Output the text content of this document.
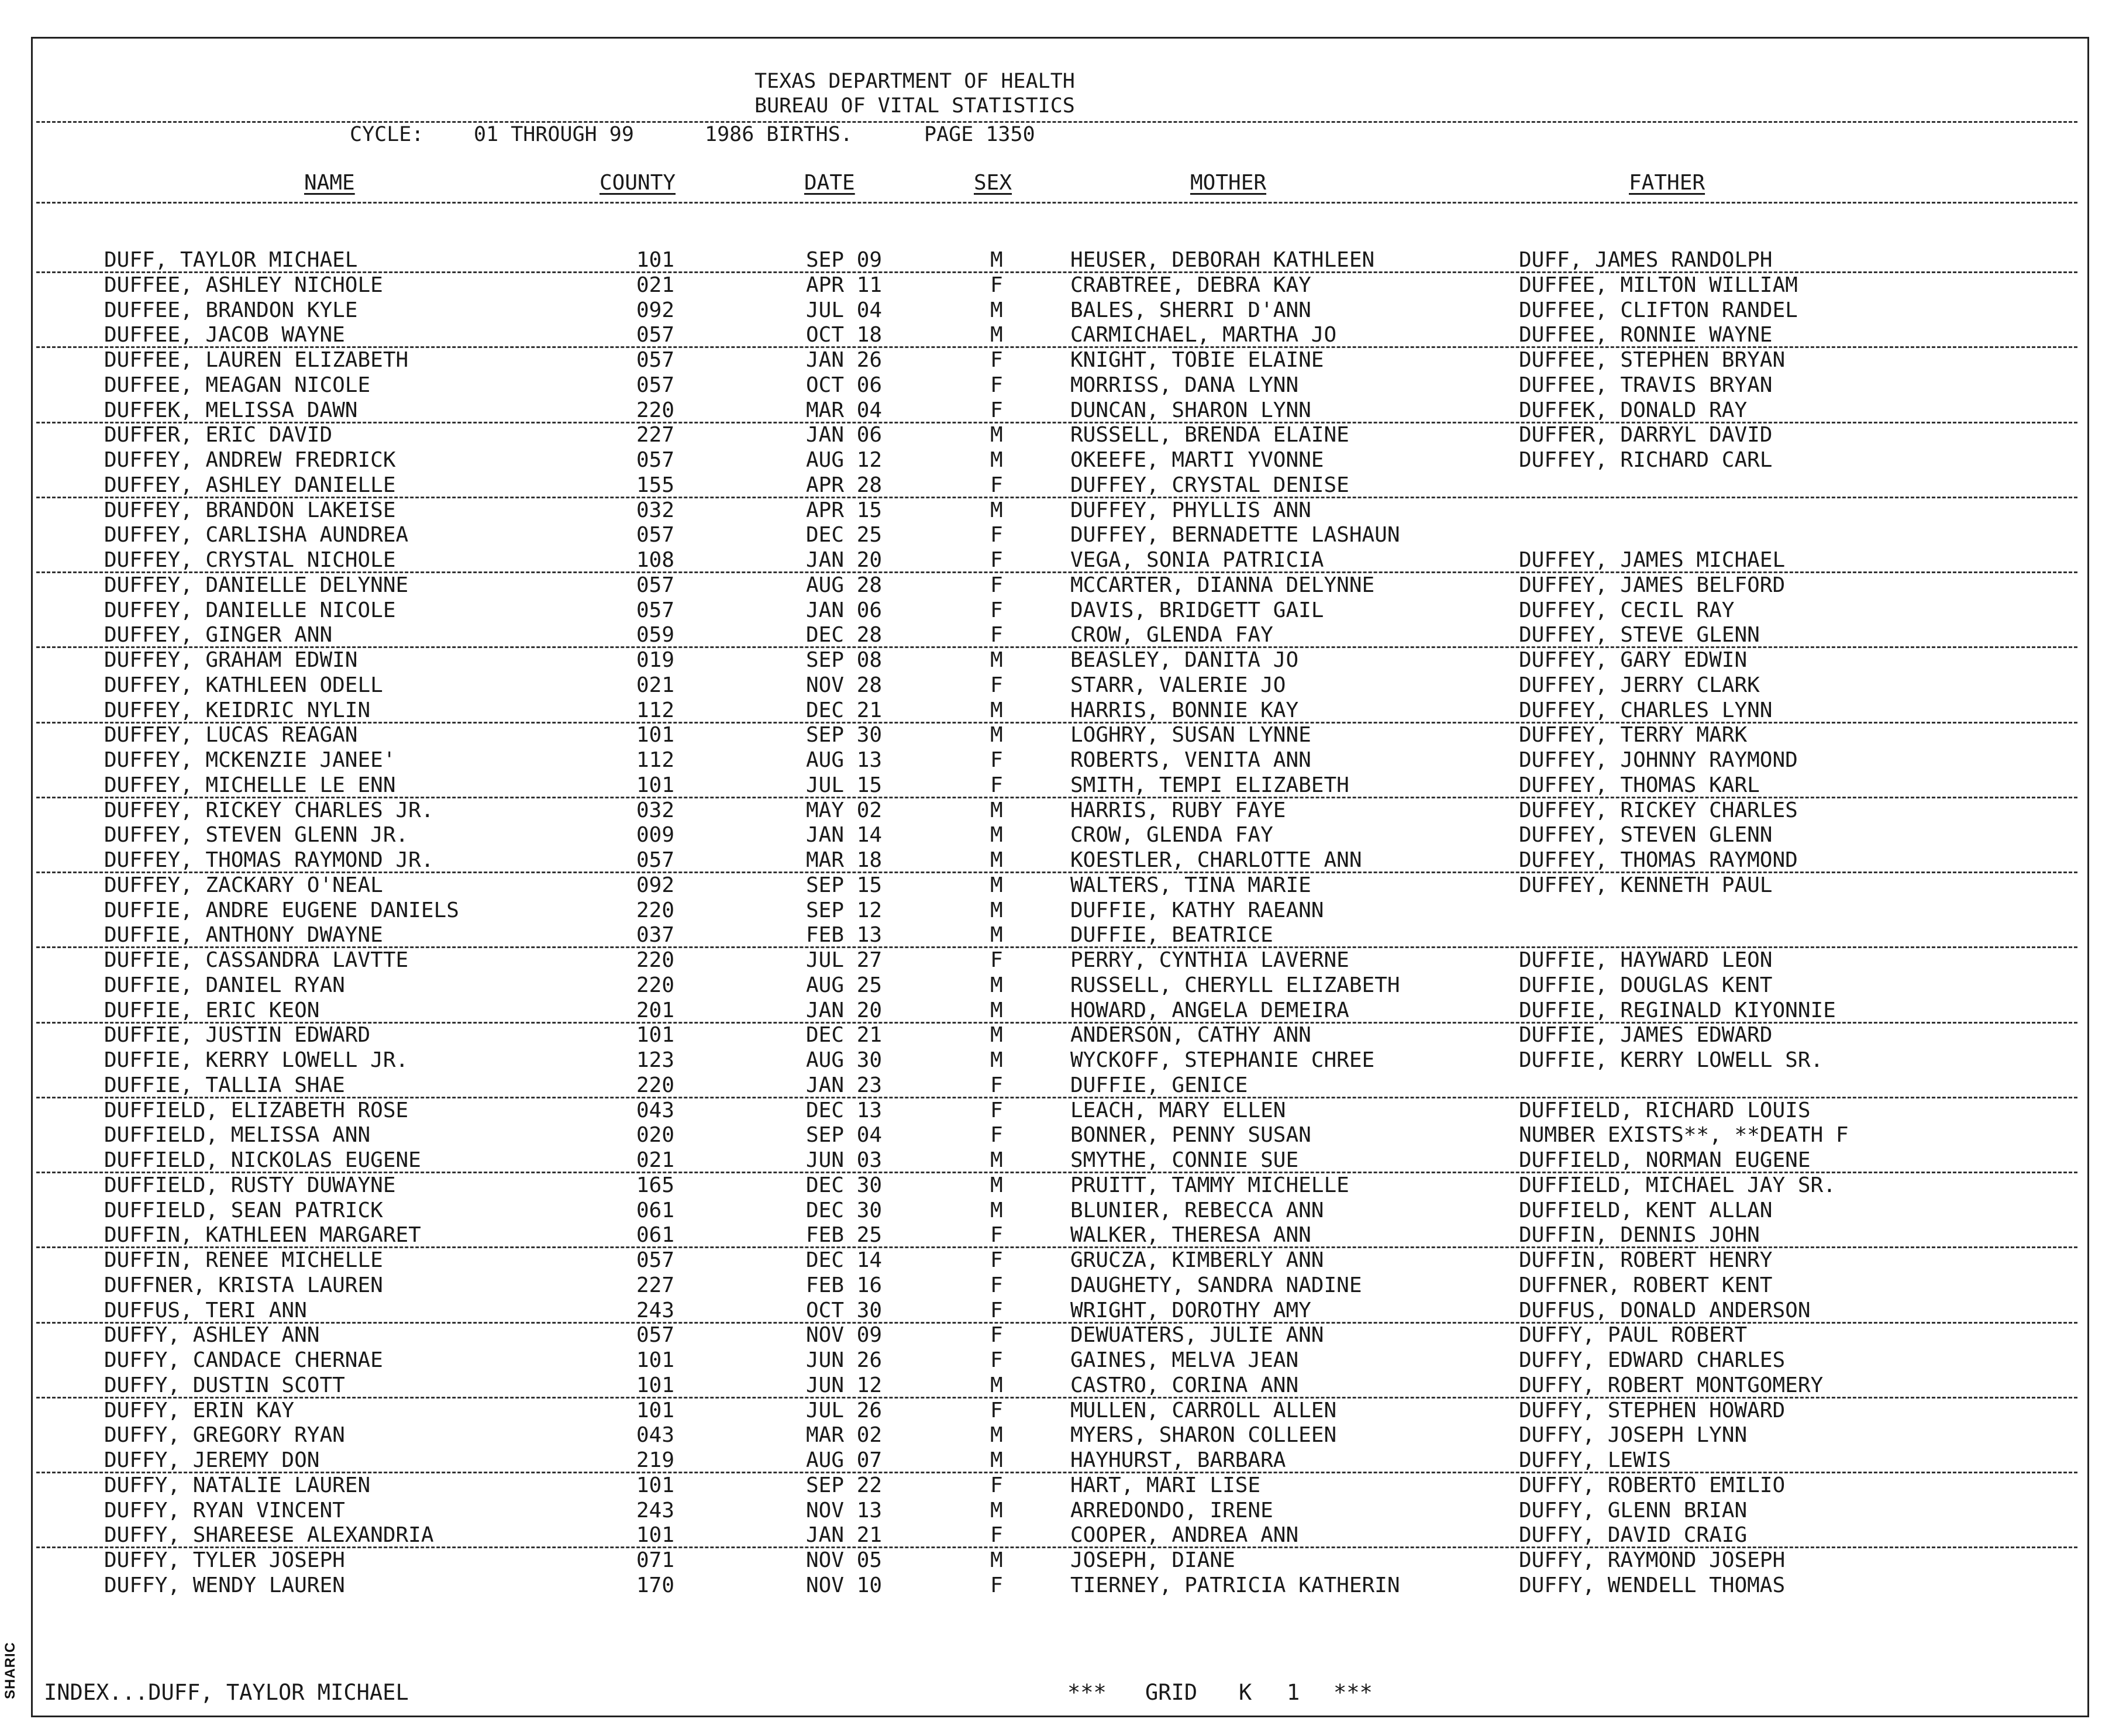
SHARIC
TEXAS DEPARTMENT OF HEALTH
BUREAU OF VITAL STATISTICS
CYCLE: 01 THROUGH 99	1986 BIRTHS.	PAGE 1350
NAME	COUNTY	DATE	SEX	MOTHER	FATHER
DUFF, TAYLOR MICHAEL	101	SEP 09	M	HEUSER, DEBORAH KATHLEEN	DUFF, JAMES RANDOLPH
DUFFEE, ASHLEY NICHOLE	021	APR 11	F	CRABTREE, DEBRA KAY	DUFFEE, MILTON WILLIAM
DUFFEE, BRANDON KYLE	092	JUL 04	M	BALES, SHERRI D'ANN	DUFFEE, CLIFTON RANDEL
DUFFEE, JACOB WAYNE	057	OCT 18	M	CARMICHAEL, MARTHA JO	DUFFEE, RONNIE WAYNE
DUFFEE, LAUREN ELIZABETH	057	JAN 26	F	KNIGHT, TOBIE ELAINE	DUFFEE, STEPHEN BRYAN
DUFFEE, MEAGAN NICOLE	057	OCT 06	F	MORRISS, DANA LYNN	DUFFEE, TRAVIS BRYAN
DUFFEK, MELISSA DAWN	220	MAR 04	F	DUNCAN, SHARON LYNN	DUFFEK, DONALD RAY
DUFFER, ERIC DAVID	227	JAN 06	M	RUSSELL, BRENDA ELAINE	DUFFER, DARRYL DAVID
DUFFEY, ANDREW FREDRICK	057	AUG 12	M	OKEEFE, MARTI YVONNE	DUFFEY, RICHARD CARL
DUFFEY, ASHLEY DANIELLE	155	APR 28	F	DUFFEY, CRYSTAL DENISE
DUFFEY, BRANDON LAKEISE	032	APR 15	M	DUFFEY, PHYLLIS ANN
DUFFEY, CARLISHA AUNDREA	057	DEC 25	F	DUFFEY, BERNADETTE LASHAUN
DUFFEY, CRYSTAL NICHOLE	108	JAN 20	F	VEGA, SONIA PATRICIA	DUFFEY, JAMES MICHAEL
DUFFEY, DANIELLE DELYNNE	057	AUG 28	F	MCCARTER, DIANNA DELYNNE	DUFFEY, JAMES BELFORD
DUFFEY, DANIELLE NICOLE	057	JAN 06	F	DAVIS, BRIDGETT GAIL	DUFFEY, CECIL RAY
DUFFEY, GINGER ANN	059	DEC 28	F	CROW, GLENDA FAY	DUFFEY, STEVE GLENN
DUFFEY, GRAHAM EDWIN	019	SEP 08	M	BEASLEY, DANITA JO	DUFFEY, GARY EDWIN
DUFFEY, KATHLEEN ODELL	021	NOV 28	F	STARR, VALERIE JO	DUFFEY, JERRY CLARK
DUFFEY, KEIDRIC NYLIN	112	DEC 21	M	HARRIS, BONNIE KAY	DUFFEY, CHARLES LYNN
DUFFEY, LUCAS REAGAN	101	SEP 30	M	LOGHRY, SUSAN LYNNE	DUFFEY, TERRY MARK
DUFFEY, MCKENZIE JANEE'	112	AUG 13	F	ROBERTS, VENITA ANN	DUFFEY, JOHNNY RAYMOND
DUFFEY, MICHELLE LE ENN	101	JUL 15	F	SMITH, TEMPI ELIZABETH	DUFFEY, THOMAS KARL
DUFFEY, RICKEY CHARLES JR.	032	MAY 02	M	HARRIS, RUBY FAYE	DUFFEY, RICKEY CHARLES
DUFFEY, STEVEN GLENN JR.	009	JAN 14	M	CROW, GLENDA FAY	DUFFEY, STEVEN GLENN
DUFFEY, THOMAS RAYMOND JR.	057	MAR 18	M	KOESTLER, CHARLOTTE ANN	DUFFEY, THOMAS RAYMOND
DUFFEY, ZACKARY O'NEAL	092	SEP 15	M	WALTERS, TINA MARIE	DUFFEY, KENNETH PAUL
DUFFIE, ANDRE EUGENE DANIELS	220	SEP 12	M	DUFFIE, KATHY RAEANN
DUFFIE, ANTHONY DWAYNE	037	FEB 13	M	DUFFIE, BEATRICE
DUFFIE, CASSANDRA LAVTTE	220	JUL 27	F	PERRY, CYNTHIA LAVERNE	DUFFIE, HAYWARD LEON
DUFFIE, DANIEL RYAN	220	AUG 25	M	RUSSELL, CHERYLL ELIZABETH	DUFFIE, DOUGLAS KENT
DUFFIE, ERIC KEON	201	JAN 20	M	HOWARD, ANGELA DEMEIRA	DUFFIE, REGINALD KIYONNIE
DUFFIE, JUSTIN EDWARD	101	DEC 21	M	ANDERSON, CATHY ANN	DUFFIE, JAMES EDWARD
DUFFIE, KERRY LOWELL JR.	123	AUG 30	M	WYCKOFF, STEPHANIE CHREE	DUFFIE, KERRY LOWELL SR.
DUFFIE, TALLIA SHAE	220	JAN 23	F	DUFFIE, GENICE
DUFFIELD, ELIZABETH ROSE	043	DEC 13	F	LEACH, MARY ELLEN	DUFFIELD, RICHARD LOUIS
DUFFIELD, MELISSA ANN	020	SEP 04	F	BONNER, PENNY SUSAN	NUMBER EXISTS**, **DEATH F
DUFFIELD, NICKOLAS EUGENE	021	JUN 03	M	SMYTHE, CONNIE SUE	DUFFIELD, NORMAN EUGENE
DUFFIELD, RUSTY DUWAYNE	165	DEC 30	M	PRUITT, TAMMY MICHELLE	DUFFIELD, MICHAEL JAY SR.
DUFFIELD, SEAN PATRICK	061	DEC 30	M	BLUNIER, REBECCA ANN	DUFFIELD, KENT ALLAN
DUFFIN, KATHLEEN MARGARET	061	FEB 25	F	WALKER, THERESA ANN	DUFFIN, DENNIS JOHN
DUFFIN, RENEE MICHELLE	057	DEC 14	F	GRUCZA, KIMBERLY ANN	DUFFIN, ROBERT HENRY
DUFFNER, KRISTA LAUREN	227	FEB 16	F	DAUGHETY, SANDRA NADINE	DUFFNER, ROBERT KENT
DUFFUS, TERI ANN	243	OCT 30	F	WRIGHT, DOROTHY AMY	DUFFUS, DONALD ANDERSON
DUFFY, ASHLEY ANN	057	NOV 09	F	DEWUATERS, JULIE ANN	DUFFY, PAUL ROBERT
DUFFY, CANDACE CHERNAE	101	JUN 26	F	GAINES, MELVA JEAN	DUFFY, EDWARD CHARLES
DUFFY, DUSTIN SCOTT	101	JUN 12	M	CASTRO, CORINA ANN	DUFFY, ROBERT MONTGOMERY
DUFFY, ERIN KAY	101	JUL 26	F	MULLEN, CARROLL ALLEN	DUFFY, STEPHEN HOWARD
DUFFY, GREGORY RYAN	043	MAR 02	M	MYERS, SHARON COLLEEN	DUFFY, JOSEPH LYNN
DUFFY, JEREMY DON	219	AUG 07	M	HAYHURST, BARBARA	DUFFY, LEWIS
DUFFY, NATALIE LAUREN	101	SEP 22	F	HART, MARI LISE	DUFFY, ROBERTO EMILIO
DUFFY, RYAN VINCENT	243	NOV 13	M	ARREDONDO, IRENE	DUFFY, GLENN BRIAN
DUFFY, SHAREESE ALEXANDRIA	101	JAN 21	F	COOPER, ANDREA ANN	DUFFY, DAVID CRAIG
DUFFY, TYLER JOSEPH	071	NOV 05	M	JOSEPH, DIANE	DUFFY, RAYMOND JOSEPH
DUFFY, WENDY LAUREN	170	NOV 10	F	TIERNEY, PATRICIA KATHERIN	DUFFY, WENDELL THOMAS
INDEX...DUFF, TAYLOR MICHAEL	*** GRID K 1 ***
